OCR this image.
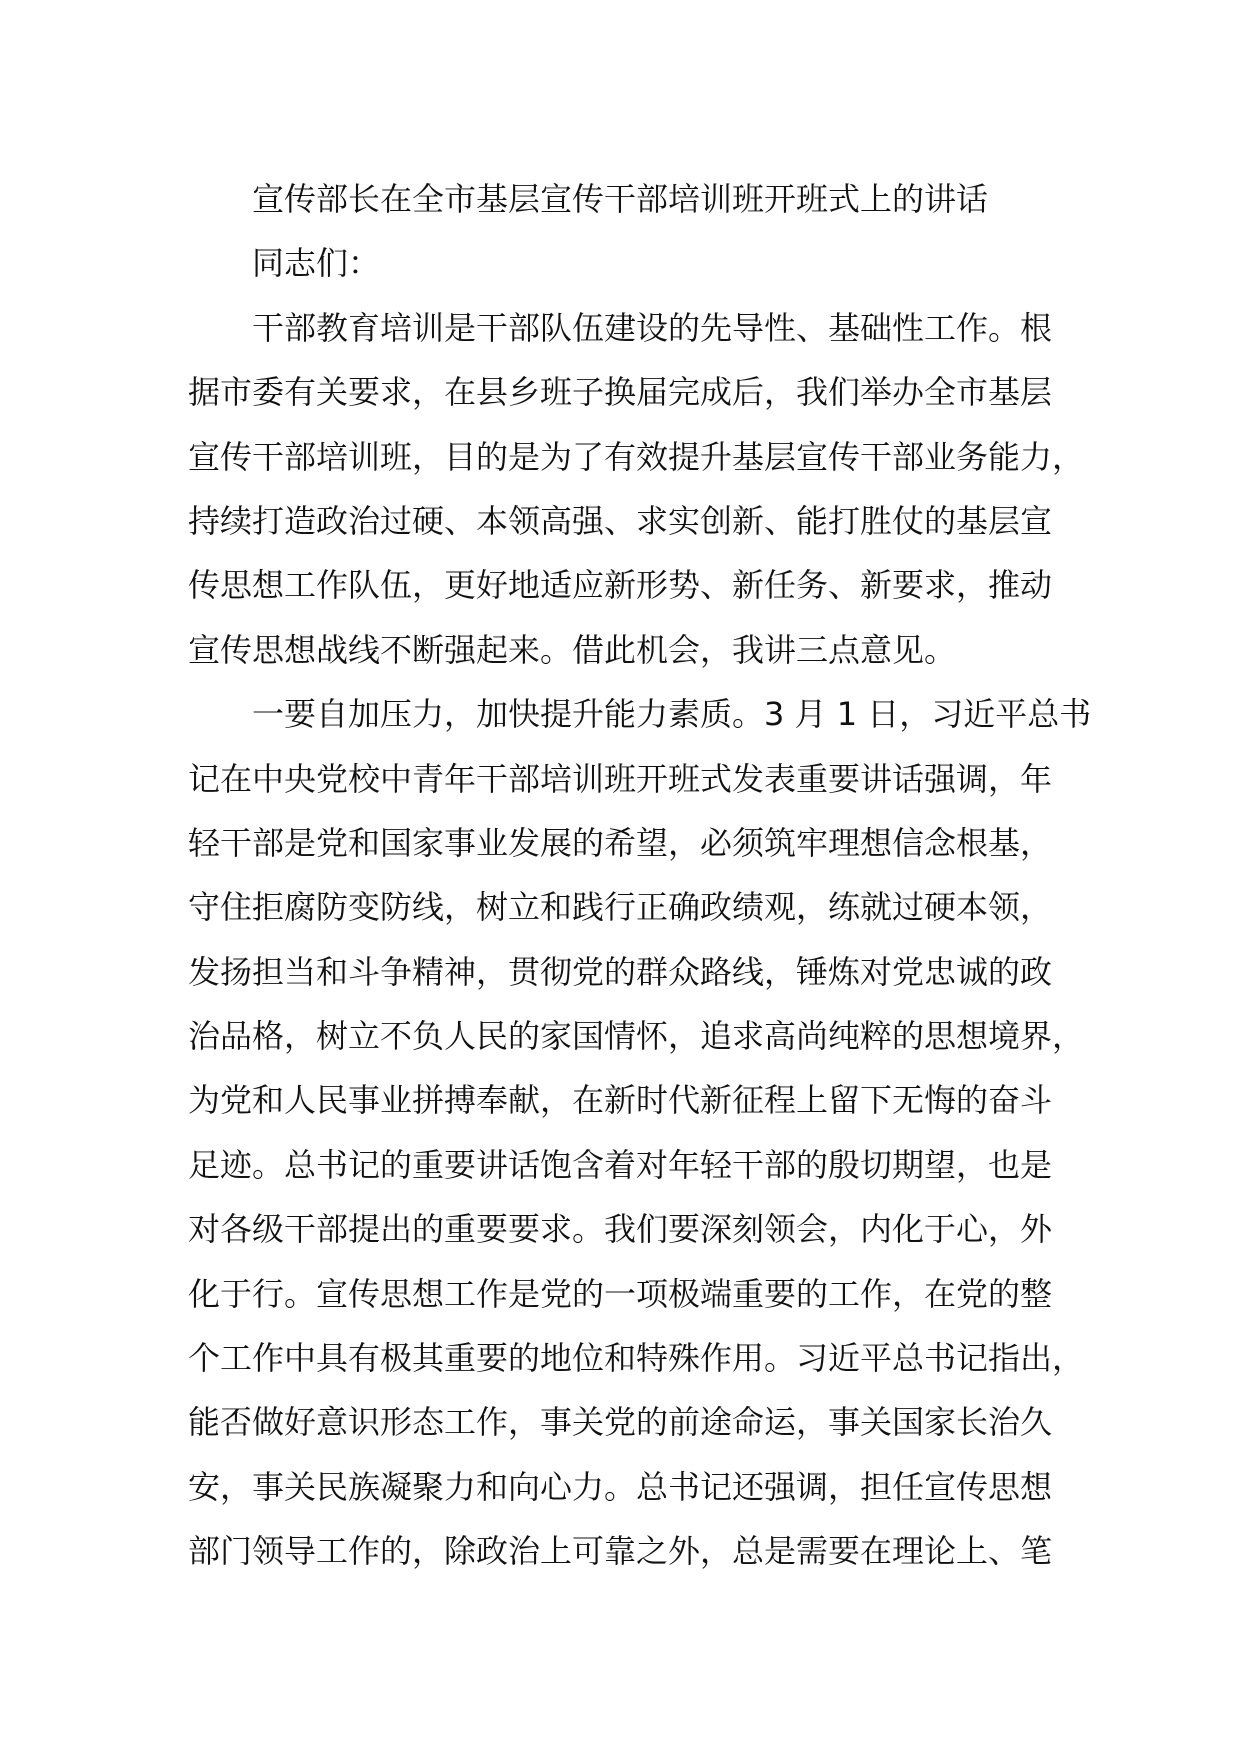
　　宣传部长在全市基层宣传干部培训班开班式上的讲话
　　同志们：
　　干部教育培训是干部队伍建设的先导性、基础性工作。根
据市委有关要求，在县乡班子换届完成后，我们举办全市基层
宣传干部培训班，目的是为了有效提升基层宣传干部业务能力，
持续打造政治过硬、本领高强、求实创新、能打胜仗的基层宣
传思想工作队伍，更好地适应新形势、新任务、新要求，推动
宣传思想战线不断强起来。借此机会，我讲三点意见。
　　一要自加压力，加快提升能力素质。3 月 1 日，习近平总书
记在中央党校中青年干部培训班开班式发表重要讲话强调，年
轻干部是党和国家事业发展的希望，必须筑牢理想信念根基，
守住拒腐防变防线，树立和践行正确政绩观，练就过硬本领，
发扬担当和斗争精神，贯彻党的群众路线，锤炼对党忠诚的政
治品格，树立不负人民的家国情怀，追求高尚纯粹的思想境界，
为党和人民事业拼搏奉献，在新时代新征程上留下无悔的奋斗
足迹。总书记的重要讲话饱含着对年轻干部的殷切期望，也是
对各级干部提出的重要要求。我们要深刻领会，内化于心，外
化于行。宣传思想工作是党的一项极端重要的工作，在党的整
个工作中具有极其重要的地位和特殊作用。习近平总书记指出，
能否做好意识形态工作，事关党的前途命运，事关国家长治久
安，事关民族凝聚力和向心力。总书记还强调，担任宣传思想
部门领导工作的，除政治上可靠之外，总是需要在理论上、笔
